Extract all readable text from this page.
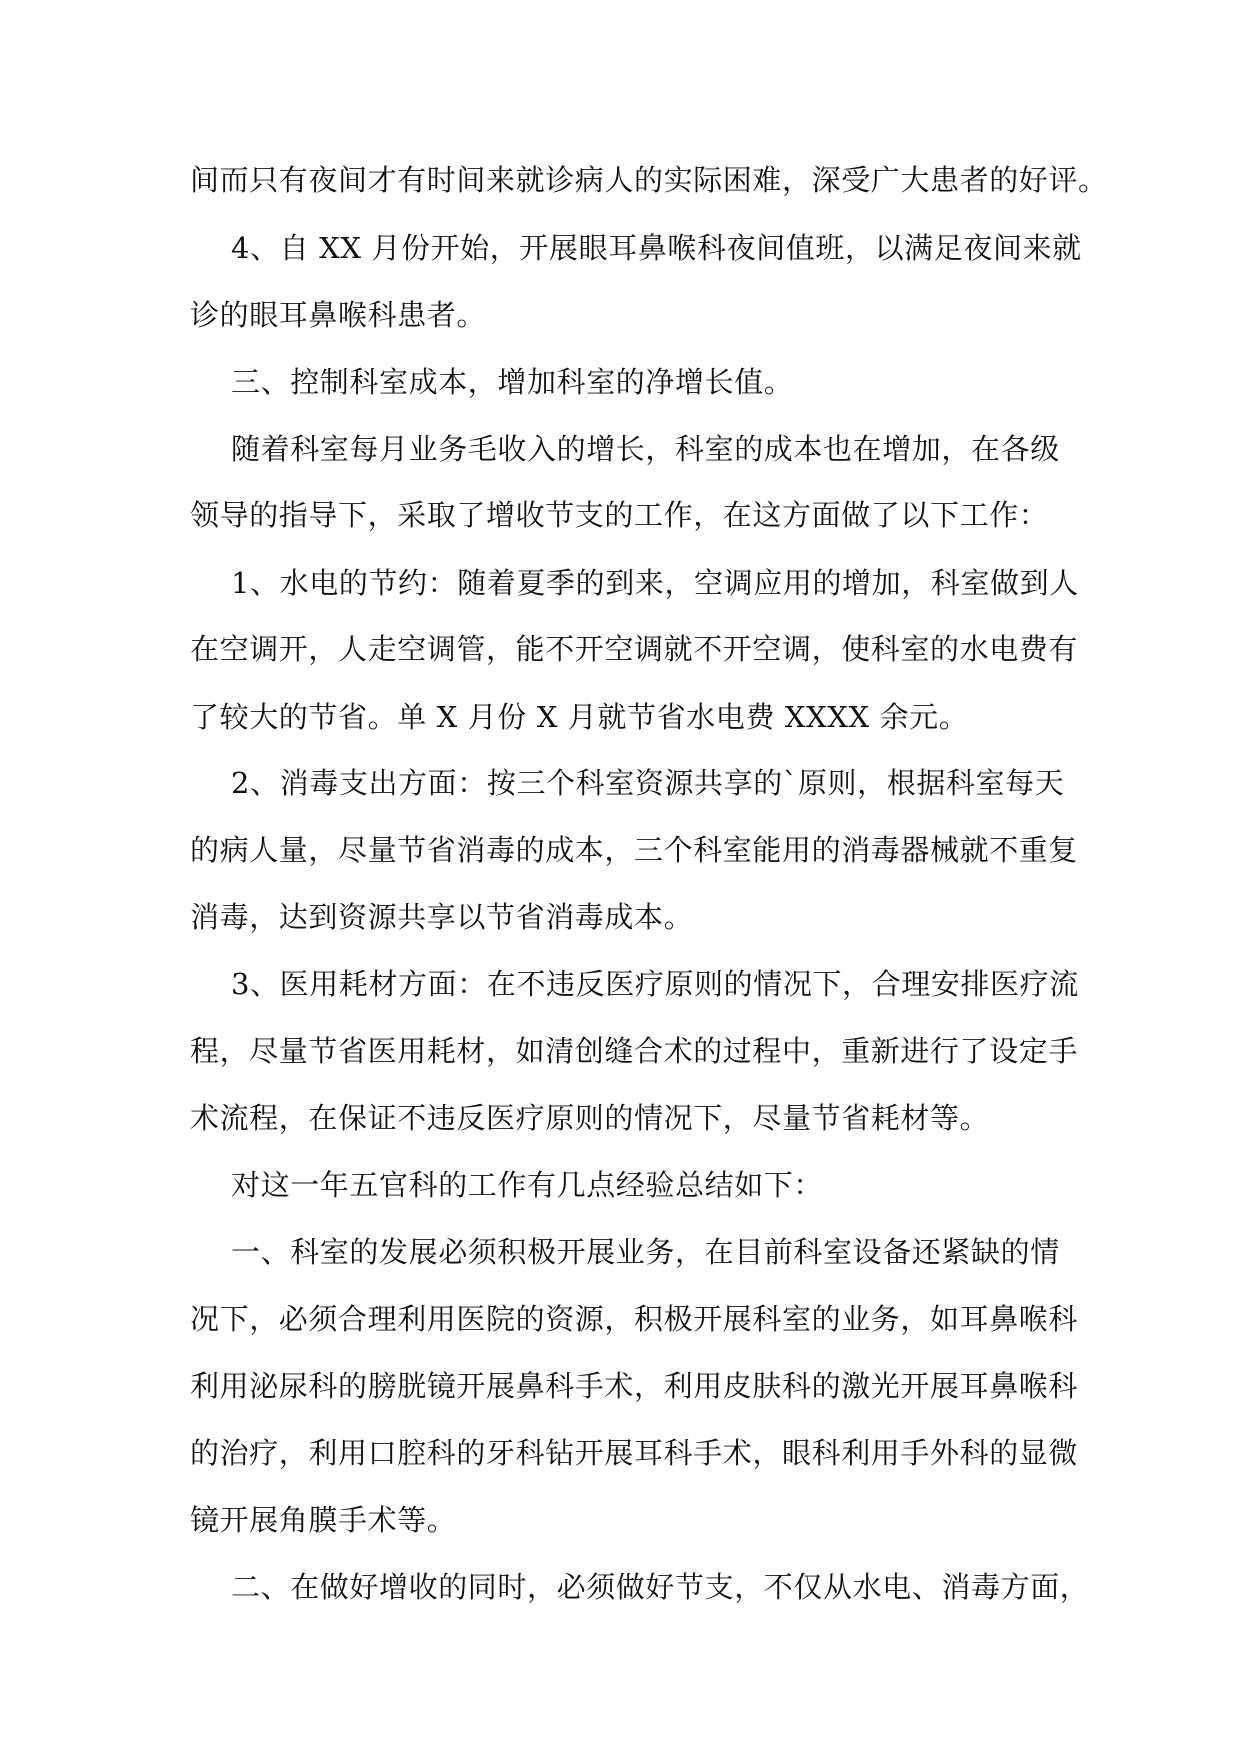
间而只有夜间才有时间来就诊病人的实际困难，深受广大患者的好评。

4、自 XX 月份开始，开展眼耳鼻喉科夜间值班，以满足夜间来就

诊的眼耳鼻喉科患者。

三、控制科室成本，增加科室的净增长值。

随着科室每月业务毛收入的增长，科室的成本也在增加，在各级

领导的指导下，采取了增收节支的工作，在这方面做了以下工作：

1、水电的节约：随着夏季的到来，空调应用的增加，科室做到人

在空调开，人走空调管，能不开空调就不开空调，使科室的水电费有

了较大的节省。单 X 月份 X 月就节省水电费 XXXX 余元。

2、消毒支出方面：按三个科室资源共享的`原则，根据科室每天

的病人量，尽量节省消毒的成本，三个科室能用的消毒器械就不重复

消毒，达到资源共享以节省消毒成本。

3、医用耗材方面：在不违反医疗原则的情况下，合理安排医疗流

程，尽量节省医用耗材，如清创缝合术的过程中，重新进行了设定手

术流程，在保证不违反医疗原则的情况下，尽量节省耗材等。

对这一年五官科的工作有几点经验总结如下：

一、科室的发展必须积极开展业务，在目前科室设备还紧缺的情

况下，必须合理利用医院的资源，积极开展科室的业务，如耳鼻喉科

利用泌尿科的膀胱镜开展鼻科手术，利用皮肤科的激光开展耳鼻喉科

的治疗，利用口腔科的牙科钻开展耳科手术，眼科利用手外科的显微

镜开展角膜手术等。

二、在做好增收的同时，必须做好节支，不仅从水电、消毒方面，
